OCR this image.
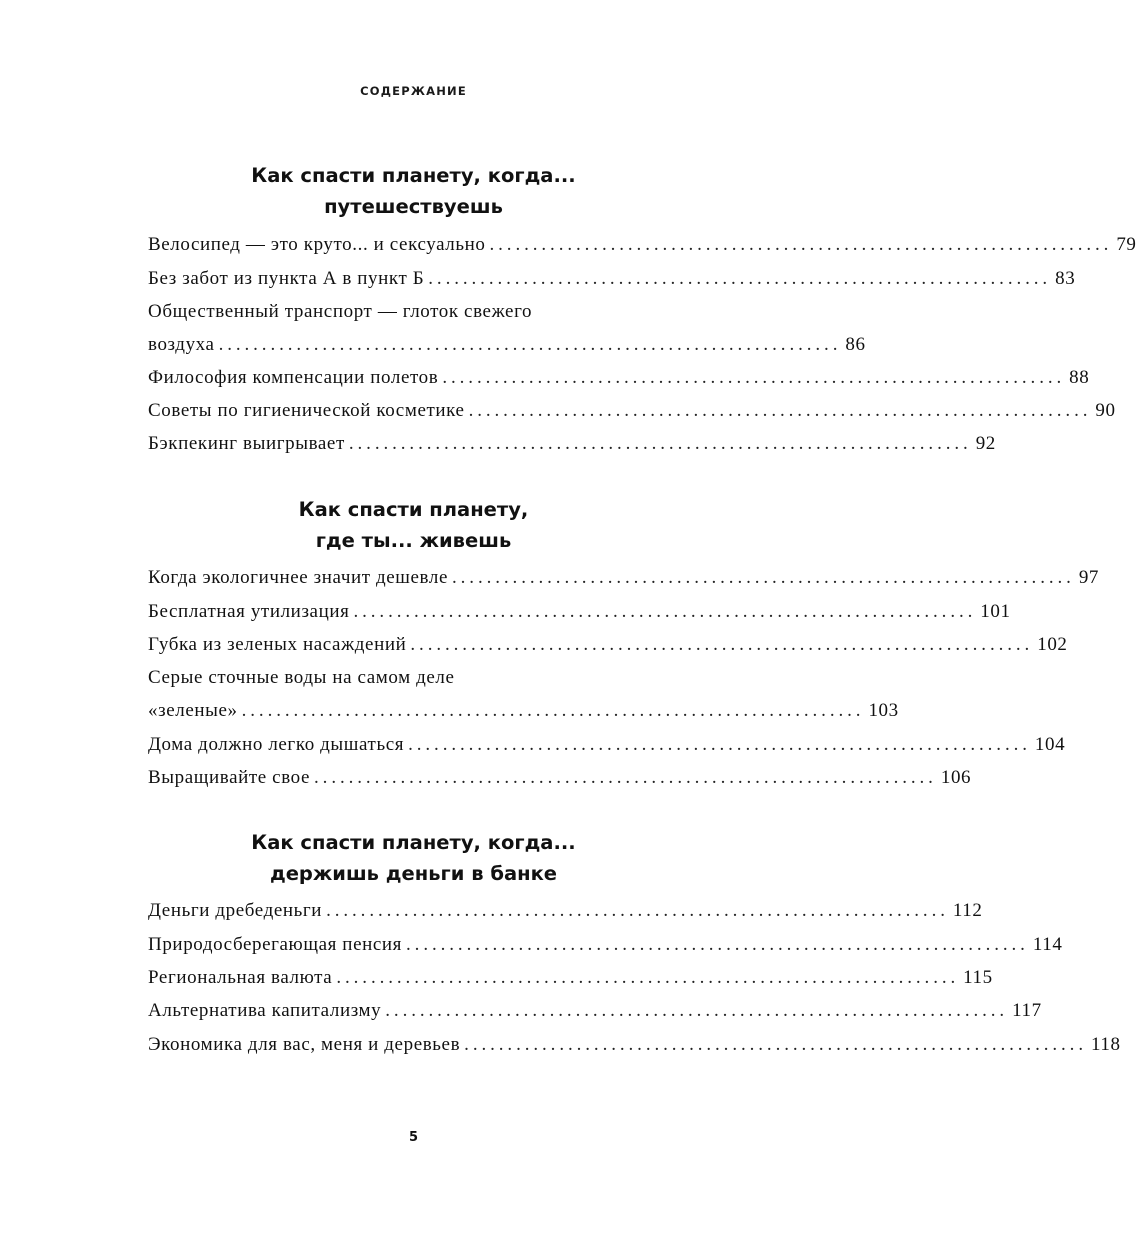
СОДЕРЖАНИЕ
Как спасти планету, когда...
путешествуешь
Велосипед — это круто... и сексуально ........................................................................ 79
Без забот из пункта А в пункт Б ........................................................................ 83
Общественный транспорт — глоток свежего
воздуха ........................................................................ 86
Философия компенсации полетов ........................................................................ 88
Советы по гигиенической косметике ........................................................................ 90
Бэкпекинг выигрывает ........................................................................ 92
Как спасти планету,
где ты... живешь
Когда экологичнее значит дешевле ........................................................................ 97
Бесплатная утилизация ........................................................................ 101
Губка из зеленых насаждений ........................................................................ 102
Серые сточные воды на самом деле
«зеленые» ........................................................................ 103
Дома должно легко дышаться ........................................................................ 104
Выращивайте свое ........................................................................ 106
Как спасти планету, когда...
держишь деньги в банке
Деньги дребеденьги ........................................................................ 112
Природосберегающая пенсия ........................................................................ 114
Региональная валюта ........................................................................ 115
Альтернатива капитализму ........................................................................ 117
Экономика для вас, меня и деревьев ........................................................................ 118
5
